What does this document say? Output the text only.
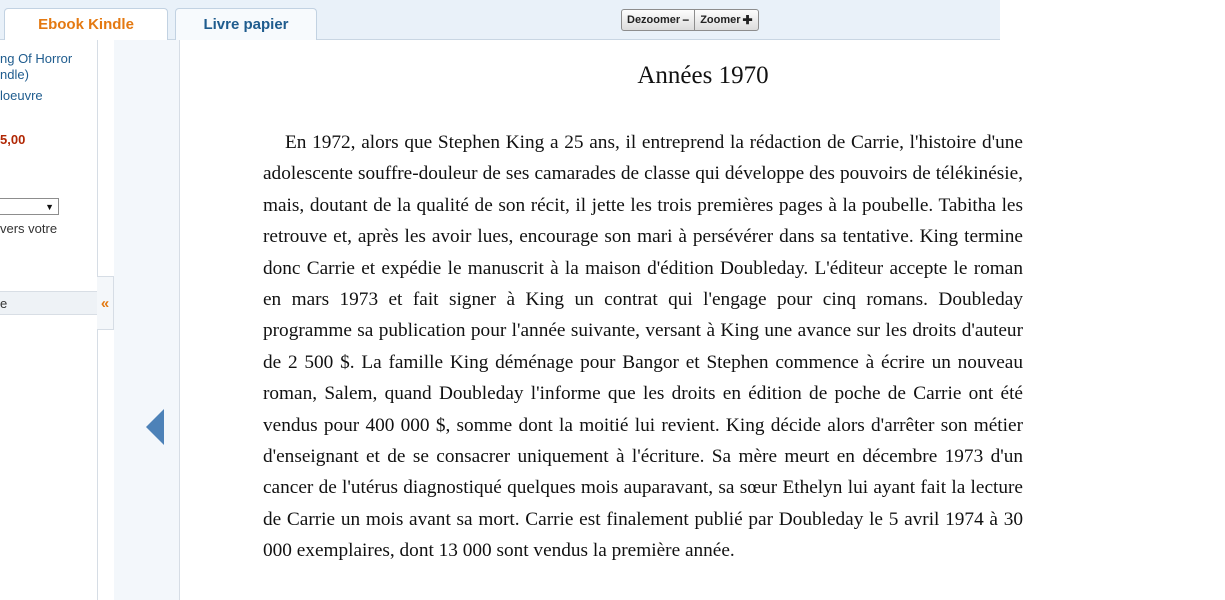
Ebook Kindle	Livre papier	Dezoomer − Zoomer ✚
ng Of Horror
ndle)
loeuvre
5,00
▼
vers votre
e	«
Années 1970

En 1972, alors que Stephen King a 25 ans, il entreprend la rédaction de Carrie, l'histoire d'une adolescente souffre-douleur de ses camarades de classe qui développe des pouvoirs de télékinésie, mais, doutant de la qualité de son récit, il jette les trois premières pages à la poubelle. Tabitha les retrouve et, après les avoir lues, encourage son mari à persévérer dans sa tentative. King termine donc Carrie et expédie le manuscrit à la maison d'édition Doubleday. L'éditeur accepte le roman en mars 1973 et fait signer à King un contrat qui l'engage pour cinq romans. Doubleday programme sa publication pour l'année suivante, versant à King une avance sur les droits d'auteur de 2 500 $. La famille King déménage pour Bangor et Stephen commence à écrire un nouveau roman, Salem, quand Doubleday l'informe que les droits en édition de poche de Carrie ont été vendus pour 400 000 $, somme dont la moitié lui revient. King décide alors d'arrêter son métier d'enseignant et de se consacrer uniquement à l'écriture. Sa mère meurt en décembre 1973 d'un cancer de l'utérus diagnostiqué quelques mois auparavant, sa sœur Ethelyn lui ayant fait la lecture de Carrie un mois avant sa mort. Carrie est finalement publié par Doubleday le 5 avril 1974 à 30 000 exemplaires, dont 13 000 sont vendus la première année.
